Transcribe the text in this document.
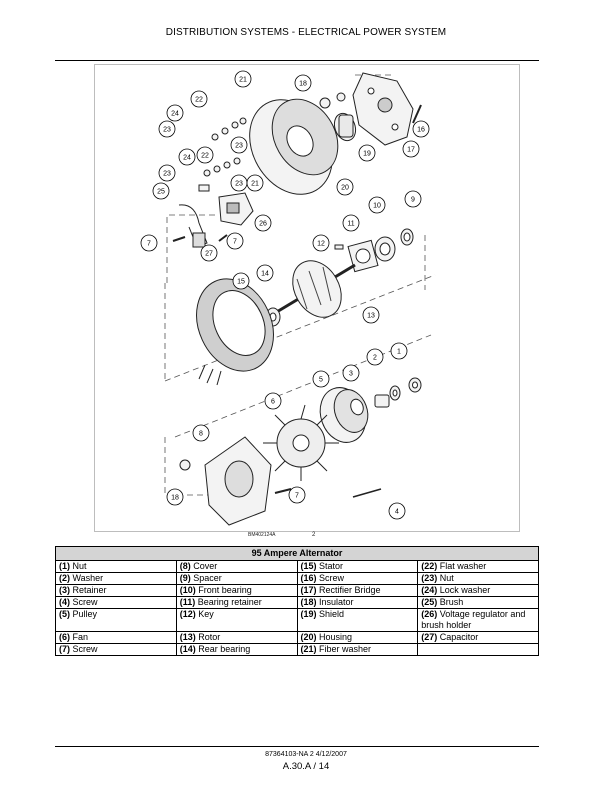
DISTRIBUTION SYSTEMS - ELECTRICAL POWER SYSTEM
21
22
24
23
18
16
17
19
23
24 22
23
23 21
20
25
26
9
10
11
7	7
27
12
15
14
13
1
2
3
5
6
8
18	7
4
BM402124A	2
95 Ampere Alternator			
(1) Nut	(8) Cover	(15) Stator	(22) Flat washer
(2) Washer	(9) Spacer	(16) Screw	(23) Nut
(3) Retainer	(10) Front bearing	(17) Rectifier Bridge	(24) Lock washer
(4) Screw	(11) Bearing retainer	(18) Insulator	(25) Brush
(5) Pulley	(12) Key	(19) Shield	(26) Voltage regulator and brush holder
(6) Fan	(13) Rotor	(20) Housing	(27) Capacitor
(7) Screw	(14) Rear bearing	(21) Fiber washer	
87364103-NA 2 4/12/2007
A.30.A / 14
